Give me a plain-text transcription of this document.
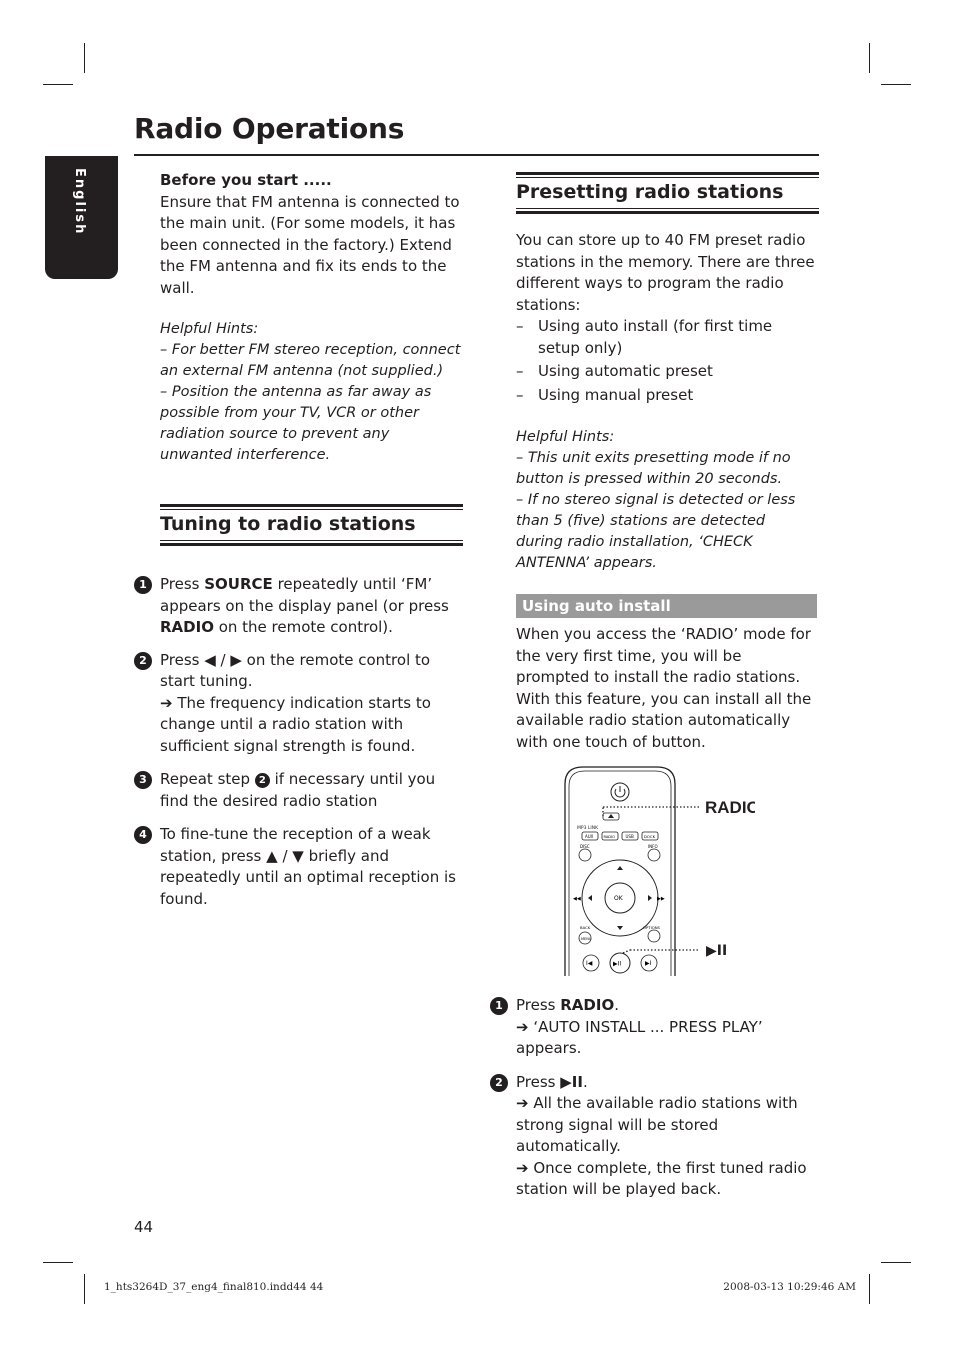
Radio Operations
English	Before you start .....

Ensure that FM antenna is connected to the main unit. (For some models, it has been connected in the factory.) Extend the FM antenna and fix its ends to the wall.

Helpful Hints:

– For better FM stereo reception, connect an external FM antenna (not supplied.)

– Position the antenna as far away as possible from your TV, VCR or other radiation source to prevent any unwanted interference.

Tuning to radio stations
1 Press SOURCE repeatedly until ‘FM’ appears on the display panel (or press RADIO on the remote control).
2 Press ◀ / ▶ on the remote control to start tuning.

➔ The frequency indication starts to change until a radio station with sufficient signal strength is found.

3 Repeat step 2 if necessary until you find the desired radio station
4 To fine-tune the reception of a weak station, press ▲ / ▼ briefly and repeatedly until an optimal reception is found.

Presetting radio stations

You can store up to 40 FM preset radio stations in the memory. There are three different ways to program the radio stations:

– Using auto install (for first time setup only)
– Using automatic preset
– Using manual preset

Helpful Hints:

– This unit exits presetting mode if no button is pressed within 20 seconds.

– If no stereo signal is detected or less than 5 (five) stations are detected during radio installation, ‘CHECK ANTENNA’ appears.

Using auto install

When you access the ‘RADIO’ mode for the very first time, you will be prompted to install the radio stations. With this feature, you can install all the available radio station automatically with one touch of button.

MP3 LINK
AUX	RADIO	USB	DOCK
DISC	INFO
OK
◀◀	▶▶
BACK
MENU
OPTIONS
I◀	▶II	▶I
RADIO
▶II
1 Press RADIO.

➔ ‘AUTO INSTALL ... PRESS PLAY’ appears.

2 Press ▶II.

➔ All the available radio stations with strong signal will be stored automatically.

➔ Once complete, the first tuned radio station will be played back.

44
1_hts3264D_37_eng4_final810.indd44 44	2008-03-13 10:29:46 AM
